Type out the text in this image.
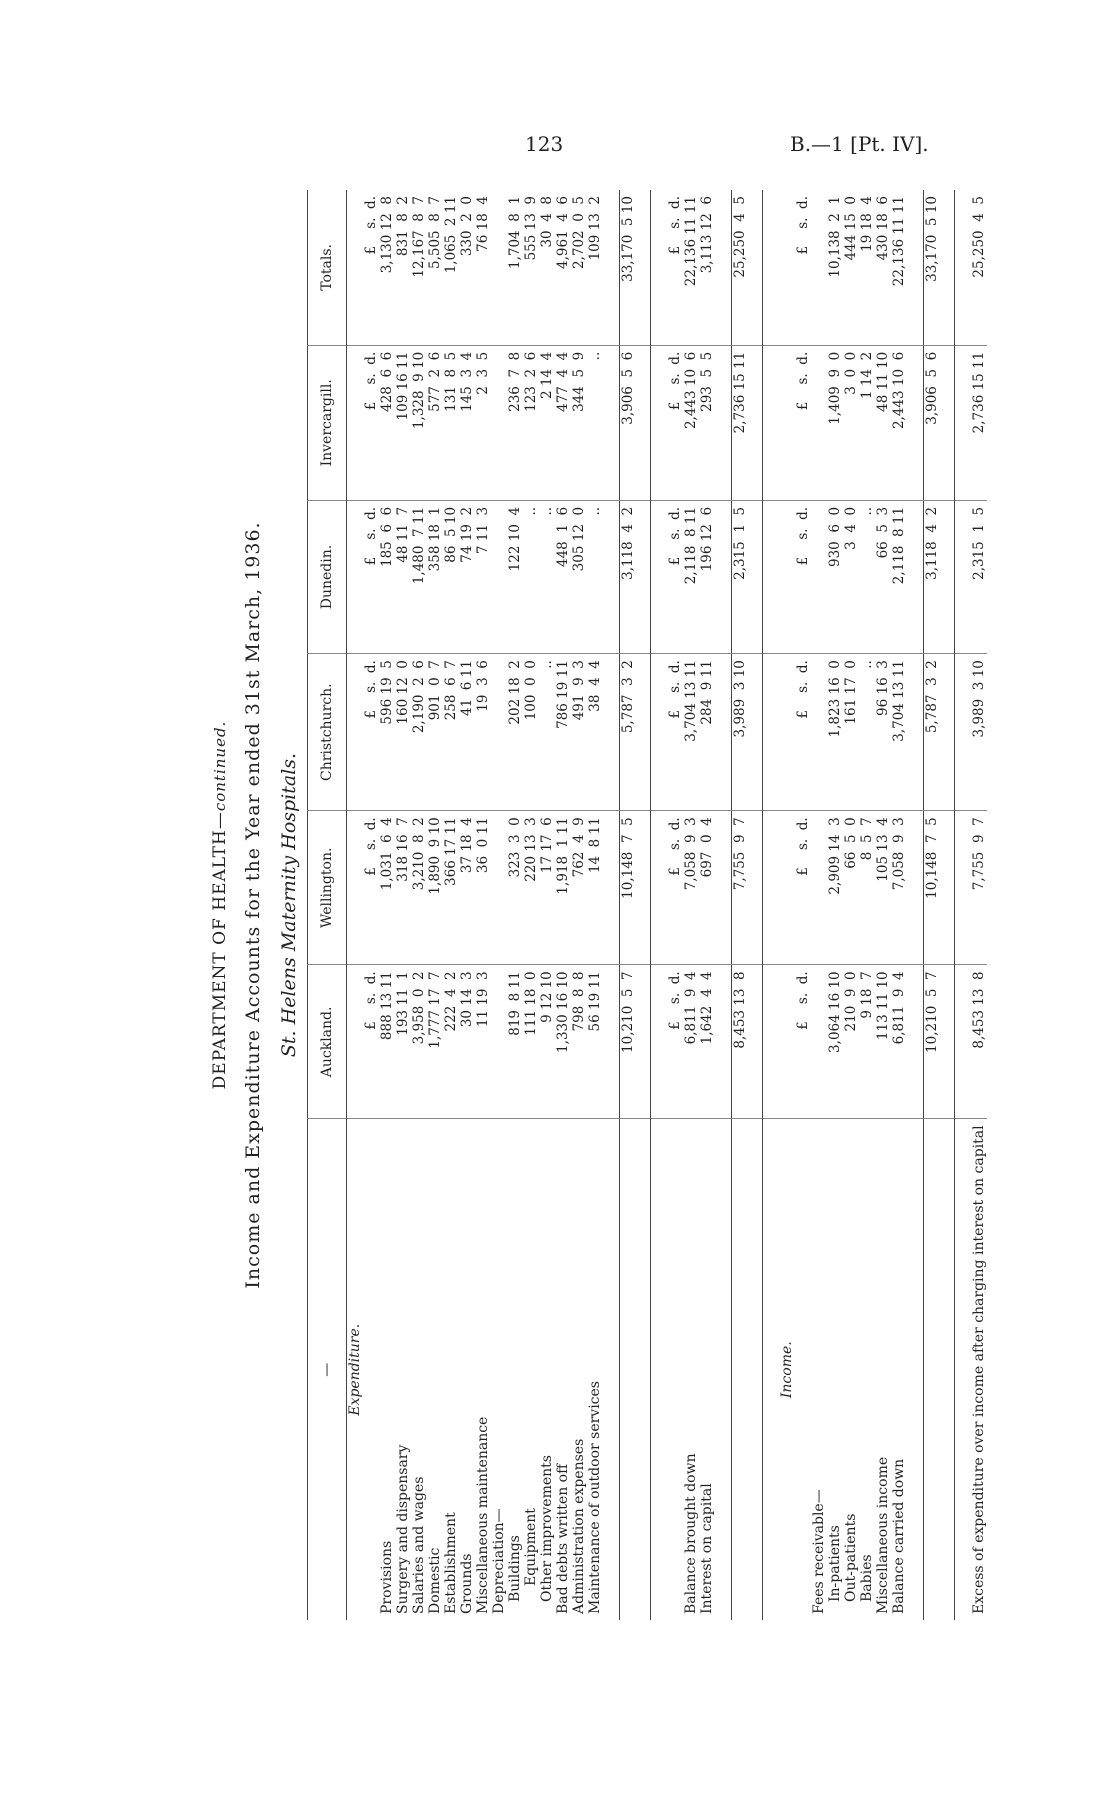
123	B.—1 [Pt. IV].
DEPARTMENT OF HEALTH—continued. Income and Expenditure Accounts for the Year ended 31st March, 1936. St. Helens Maternity Hospitals.
—	Auckland.	Wellington.	Christchurch.	Dunedin.	Invercargill.	Totals.
Expenditure.						
	£    s.  d.	£    s.  d.	£    s.  d.	£    s.  d.	£    s.  d.	£    s.  d.
Provisions	888 13 11	1,031  6  4	596 19  5	185  6  6	428  6  6	3,130 12  8
Surgery and dispensary	193 11  1	318 16  7	160 12  0	48 11  7	109 16 11	831  8  2
Salaries and wages	3,958  0  2	3,210  8  2	2,190  2  6	1,480  7 11	1,328  9 10	12,167  8  7
Domestic	1,777 17  7	1,890  9 10	901  0  7	358 18  1	577  2  6	5,505  8  7
Establishment	222  4  2	366 17 11	258  6  7	86  5 10	131  8  5	1,065  2 11
Grounds	30 14  3	37 18  4	41  6 11	74 19  2	145  3  4	330  2  0
Miscellaneous maintenance	11 19  3	36  0 11	19  3  6	7 11  3	2  3  5	76 18  4
Depreciation—						
Buildings	819  8 11	323  3  0	202 18  2	122 10  4	236  7  8	1,704  8  1
Equipment	111 18  0	220 13  3	100  0  0	..	123  2  6	555 13  9
Other improvements	9 12 10	17 17  6	..	..	2 14  4	30  4  8
Bad debts written off	1,330 16 10	1,918  1 11	786 19 11	448  1  6	477  4  4	4,961  4  6
Administration expenses	798  8  8	762  4  9	491  9  3	305 12  0	344  5  9	2,702  0  5
Maintenance of outdoor services	56 19 11	14  8 11	38  4  4	..	..	109 13  2

	10,210  5  7	10,148  7  5	5,787  3  2	3,118  4  2	3,906  5  6	33,170  5 10

	£    s.  d.	£    s.  d.	£    s.  d.	£    s.  d.	£    s.  d.	£    s.  d.
Balance brought down	6,811  9  4	7,058  9  3	3,704 13 11	2,118  8 11	2,443 10  6	22,136 11 11
Interest on capital	1,642  4  4	697  0  4	284  9 11	196 12  6	293  5  5	3,113 12  6

	8,453 13  8	7,755  9  7	3,989  3 10	2,315  1  5	2,736 15 11	25,250  4  5

Income.						
	£    s.  d.	£    s.  d.	£    s.  d.	£    s.  d.	£    s.  d.	£    s.  d.
Fees receivable—						
In-patients	3,064 16 10	2,909 14  3	1,823 16  0	930  6  0	1,409  9  0	10,138  2  1
Out-patients	210  9  0	66  5  0	161 17  0	3  4  0	3  0  0	444 15  0
Babies	9 18  7	8  5  7	..	..	1 14  2	19 18  4
Miscellaneous income	113 11 10	105 13  4	96 16  3	66  5  3	48 11 10	430 18  6
Balance carried down	6,811  9  4	7,058  9  3	3,704 13 11	2,118  8 11	2,443 10  6	22,136 11 11

	10,210  5  7	10,148  7  5	5,787  3  2	3,118  4  2	3,906  5  6	33,170  5 10

Excess of expenditure over income after charging interest on capital	8,453 13  8	7,755  9  7	3,989  3 10	2,315  1  5	2,736 15 11	25,250  4  5
